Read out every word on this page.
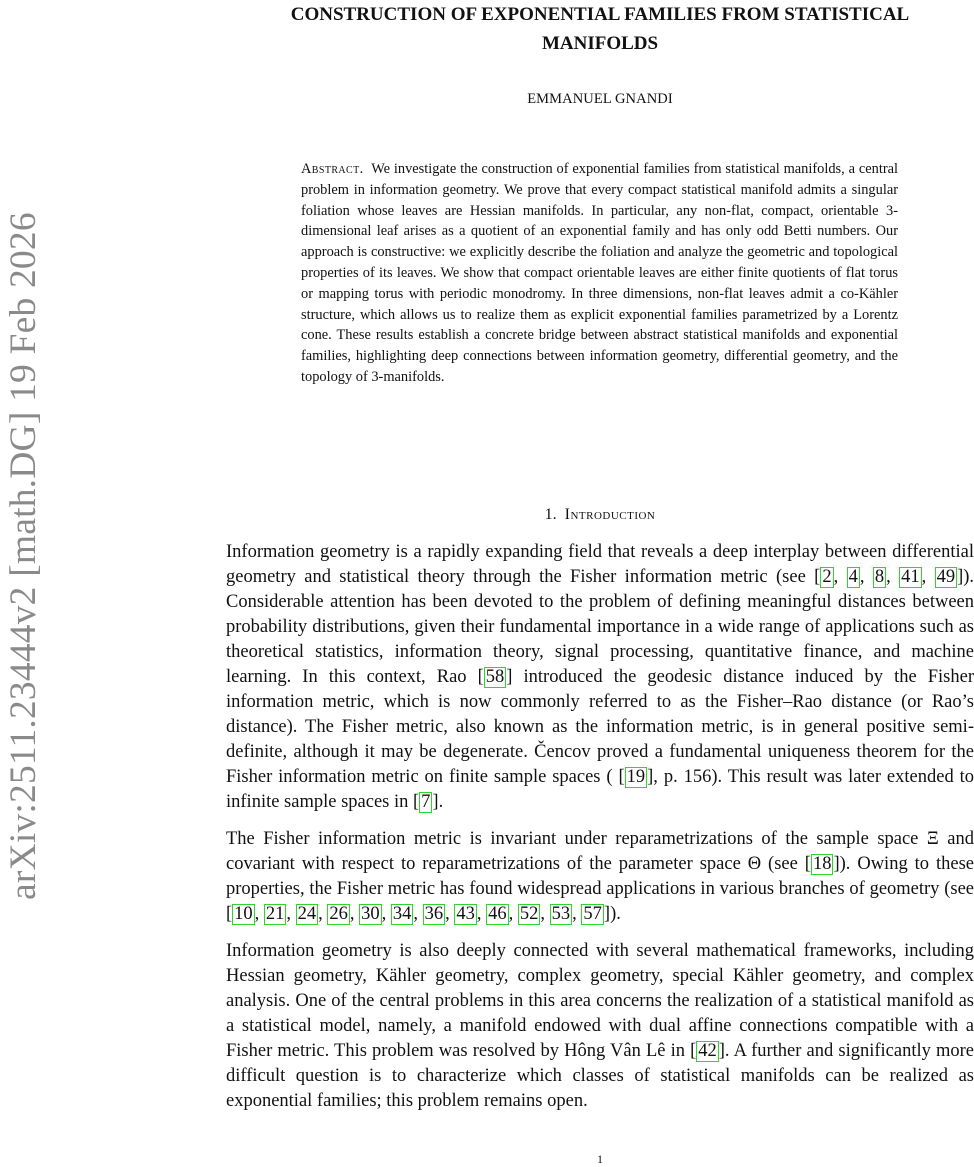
arXiv:2511.23444v2 [math.DG] 19 Feb 2026
CONSTRUCTION OF EXPONENTIAL FAMILIES FROM STATISTICAL
MANIFOLDS
EMMANUEL GNANDI
Abstract. We investigate the construction of exponential families from statistical manifolds, a central problem in information geometry. We prove that every compact statistical manifold admits a singular foliation whose leaves are Hessian manifolds. In particular, any non-flat, compact, orientable 3-dimensional leaf arises as a quotient of an exponential family and has only odd Betti numbers. Our approach is constructive: we explicitly describe the foliation and analyze the geometric and topological properties of its leaves. We show that compact orientable leaves are either finite quotients of flat torus or mapping torus with periodic monodromy. In three dimensions, non-flat leaves admit a co-Kähler structure, which allows us to realize them as explicit exponential families parametrized by a Lorentz cone. These results establish a concrete bridge between abstract statistical manifolds and exponential families, highlighting deep connections between information geometry, differential geometry, and the topology of 3-manifolds.
1. Introduction

Information geometry is a rapidly expanding field that reveals a deep interplay between differential geometry and statistical theory through the Fisher information metric (see [ 2 , 4 , 8 , 41 , 49 ]). Considerable attention has been devoted to the problem of defining meaningful distances between probability distributions, given their fundamental importance in a wide range of applications such as theoretical statistics, information theory, signal processing, quantitative finance, and machine learning. In this context, Rao [ 58 ] introduced the geodesic distance induced by the Fisher information metric, which is now commonly referred to as the Fisher–Rao distance (or Rao’s distance). The Fisher metric, also known as the information metric, is in general positive semi-definite, although it may be degenerate. Čencov proved a fundamental uniqueness theorem for the Fisher information metric on finite sample spaces ( [ 19 ], p. 156). This result was later extended to infinite sample spaces in [ 7 ].

The Fisher information metric is invariant under reparametrizations of the sample space Ξ and covariant with respect to reparametrizations of the parameter space Θ (see [ 18 ]). Owing to these properties, the Fisher metric has found widespread applications in various branches of geometry (see [ 10 , 21 , 24 , 26 , 30 , 34 , 36 , 43 , 46 , 52 , 53 , 57 ]).

Information geometry is also deeply connected with several mathematical frameworks, including Hessian geometry, Kähler geometry, complex geometry, special Kähler geometry, and complex analysis. One of the central problems in this area concerns the realization of a statistical manifold as a statistical model, namely, a manifold endowed with dual affine connections compatible with a Fisher metric. This problem was resolved by Hông Vân Lê in [ 42 ]. A further and significantly more difficult question is to characterize which classes of statistical manifolds can be realized as exponential families; this problem remains open.

1
